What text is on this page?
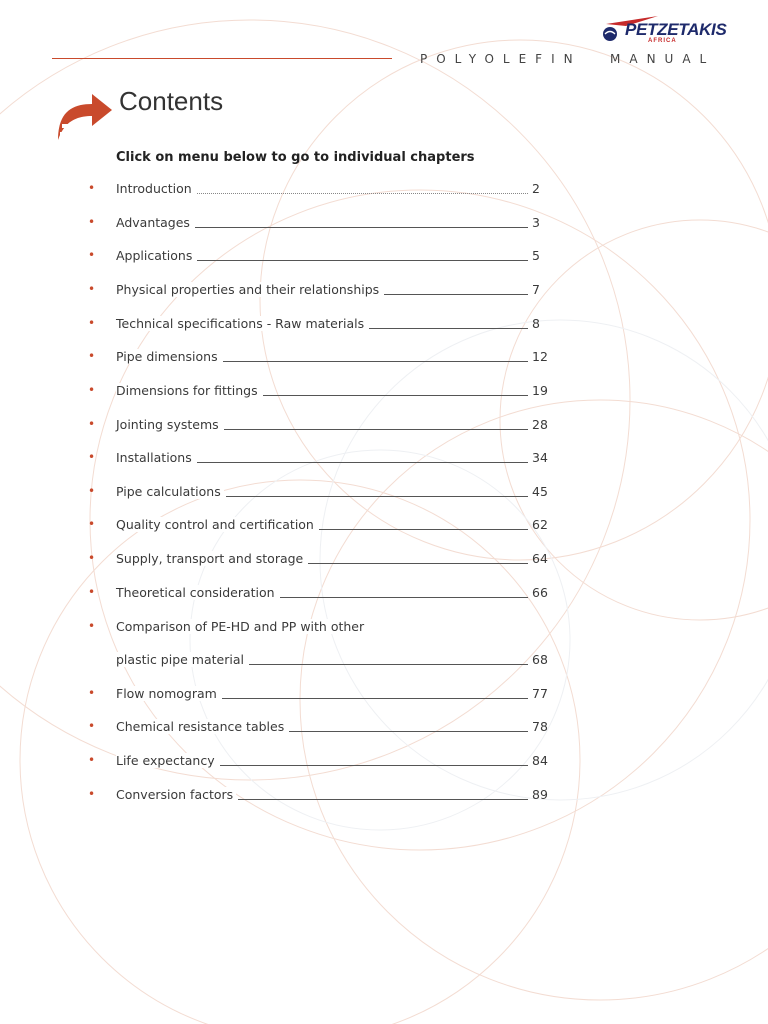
POLYOLEFIN MANUAL
PETZETAKIS
AFRICA
Contents
Click on menu below to go to individual chapters
• Introduction	2
• Advantages	3
• Applications	5
• Physical properties and their relationships	7
• Technical specifications - Raw materials	8
• Pipe dimensions	12
• Dimensions for fittings	19
• Jointing systems	28
• Installations	34
• Pipe calculations	45
• Quality control and certification	62
• Supply, transport and storage	64
• Theoretical consideration	66
• Comparison of PE-HD and PP with other
plastic pipe material	68
• Flow nomogram	77
• Chemical resistance tables	78
• Life expectancy	84
• Conversion factors	89
